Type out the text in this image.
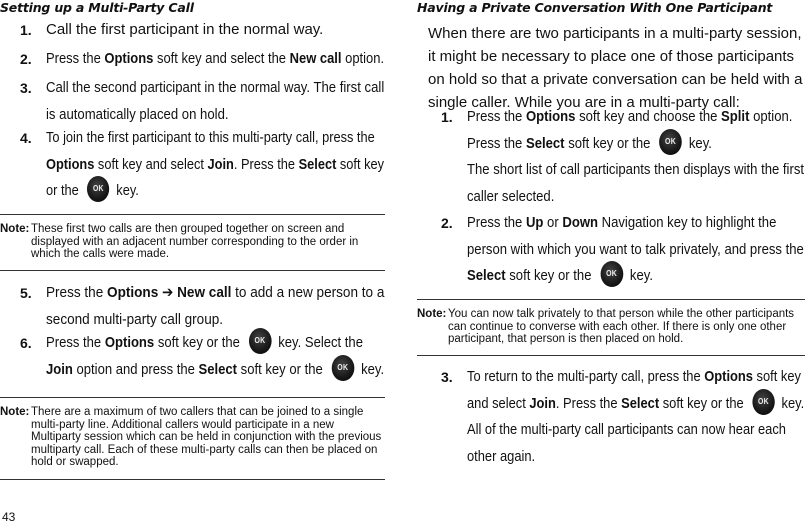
Setting up a Multi-Party Call
1. Call the first participant in the normal way.
2. Press the Options soft key and select the New call option.
3. Call the second participant in the normal way. The first call
is automatically placed on hold.
4. To join the first participant to this multi-party call, press the
Options soft key and select Join. Press the Select soft key
or the OK key.
Note: These first two calls are then grouped together on screen and displayed with an adjacent number corresponding to the order in which the calls were made.
5. Press the Options ➔ New call to add a new person to a
second multi-party call group.
6. Press the Options soft key or the OK key. Select the
Join option and press the Select soft key or the OK key.
Note: There are a maximum of two callers that can be joined to a single multi-party line. Additional callers would participate in a new Multiparty session which can be held in conjunction with the previous multiparty call. Each of these multi-party calls can then be placed on hold or swapped.
43
Having a Private Conversation With One Participant
When there are two participants in a multi-party session, it might be necessary to place one of those participants on hold so that a private conversation can be held with a single caller. While you are in a multi-party call:
1. Press the Options soft key and choose the Split option.
Press the Select soft key or the OK key.
The short list of call participants then displays with the first
caller selected.
2. Press the Up or Down Navigation key to highlight the
person with which you want to talk privately, and press the
Select soft key or the OK key.
Note: You can now talk privately to that person while the other participants can continue to converse with each other. If there is only one other participant, that person is then placed on hold.
3. To return to the multi-party call, press the Options soft key
and select Join. Press the Select soft key or the OK key.
All of the multi-party call participants can now hear each
other again.
